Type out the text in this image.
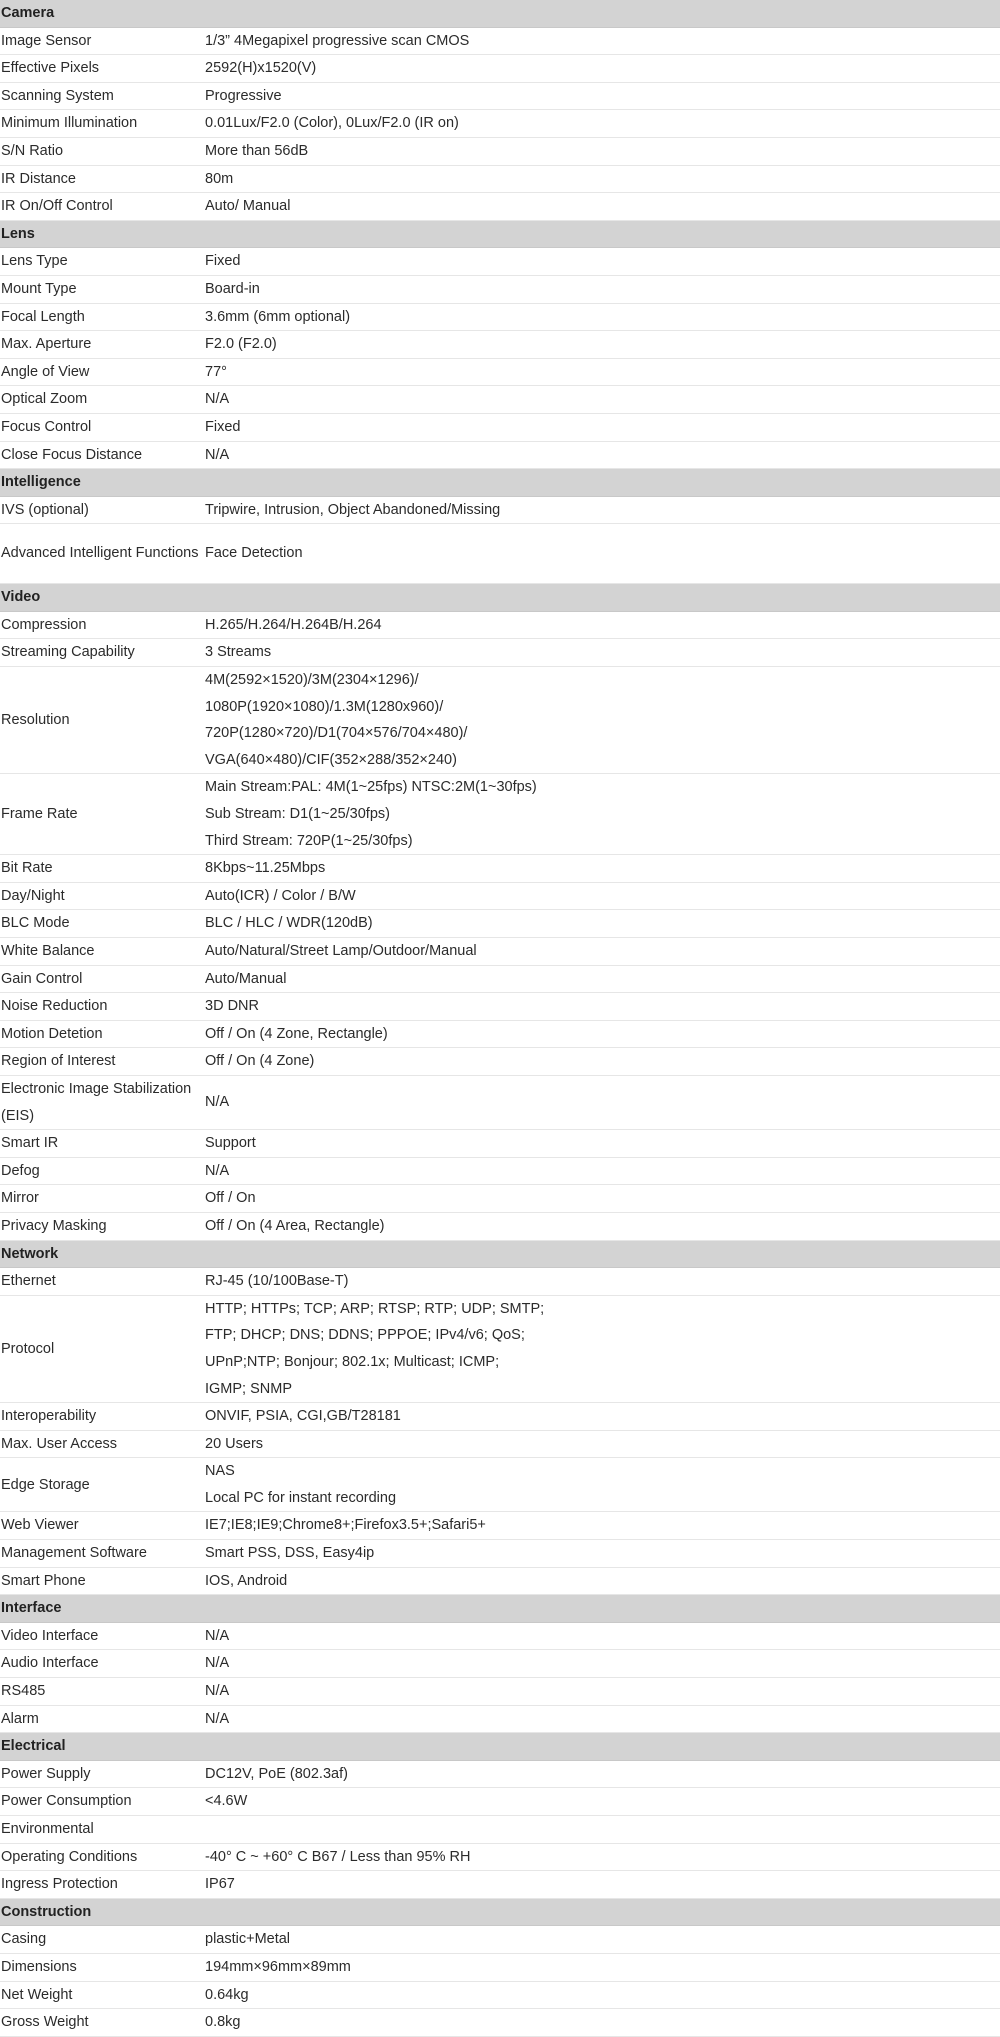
Camera	
Image Sensor	1/3” 4Megapixel progressive scan CMOS
Effective Pixels	2592(H)x1520(V)
Scanning System	Progressive
Minimum Illumination	0.01Lux/F2.0 (Color), 0Lux/F2.0 (IR on)
S/N Ratio	More than 56dB
IR Distance	80m
IR On/Off Control	Auto/ Manual
Lens	
Lens Type	Fixed
Mount Type	Board-in
Focal Length	3.6mm (6mm optional)
Max. Aperture	F2.0 (F2.0)
Angle of View	77°
Optical Zoom	N/A
Focus Control	Fixed
Close Focus Distance	N/A
Intelligence	
IVS (optional)	Tripwire, Intrusion, Object Abandoned/Missing
Advanced Intelligent Functions	Face Detection
Video	
Compression	H.265/H.264/H.264B/H.264
Streaming Capability	3 Streams
Resolution	4M(2592×1520)/3M(2304×1296)/
1080P(1920×1080)/1.3M(1280x960)/
720P(1280×720)/D1(704×576/704×480)/
VGA(640×480)/CIF(352×288/352×240)

Frame Rate	Main Stream:PAL: 4M(1~25fps) NTSC:2M(1~30fps)
Sub Stream: D1(1~25/30fps)
Third Stream: 720P(1~25/30fps)

Bit Rate	8Kbps~11.25Mbps
Day/Night	Auto(ICR) / Color / B/W
BLC Mode	BLC / HLC / WDR(120dB)
White Balance	Auto/Natural/Street Lamp/Outdoor/Manual
Gain Control	Auto/Manual
Noise Reduction	3D DNR
Motion Detetion	Off / On (4 Zone, Rectangle)
Region of Interest	Off / On (4 Zone)
Electronic Image Stabilization (EIS)	N/A
Smart IR	Support
Defog	N/A
Mirror	Off / On
Privacy Masking	Off / On (4 Area, Rectangle)
Network	
Ethernet	RJ-45 (10/100Base-T)
Protocol	HTTP; HTTPs; TCP; ARP; RTSP; RTP; UDP; SMTP;
FTP; DHCP; DNS; DDNS; PPPOE; IPv4/v6; QoS;
UPnP;NTP; Bonjour; 802.1x; Multicast; ICMP;
IGMP; SNMP

Interoperability	ONVIF, PSIA, CGI,GB/T28181
Max. User Access	20 Users
Edge Storage	NAS
Local PC for instant recording

Web Viewer	IE7;IE8;IE9;Chrome8+;Firefox3.5+;Safari5+
Management Software	Smart PSS, DSS, Easy4ip
Smart Phone	IOS, Android
Interface	
Video Interface	N/A
Audio Interface	N/A
RS485	N/A
Alarm	N/A
Electrical	
Power Supply	DC12V, PoE (802.3af)
Power Consumption	<4.6W
Environmental	
Operating Conditions	-40° C ~ +60° C B67 / Less than 95% RH
Ingress Protection	IP67
Construction	
Casing	plastic+Metal
Dimensions	194mm×96mm×89mm
Net Weight	0.64kg
Gross Weight	0.8kg
